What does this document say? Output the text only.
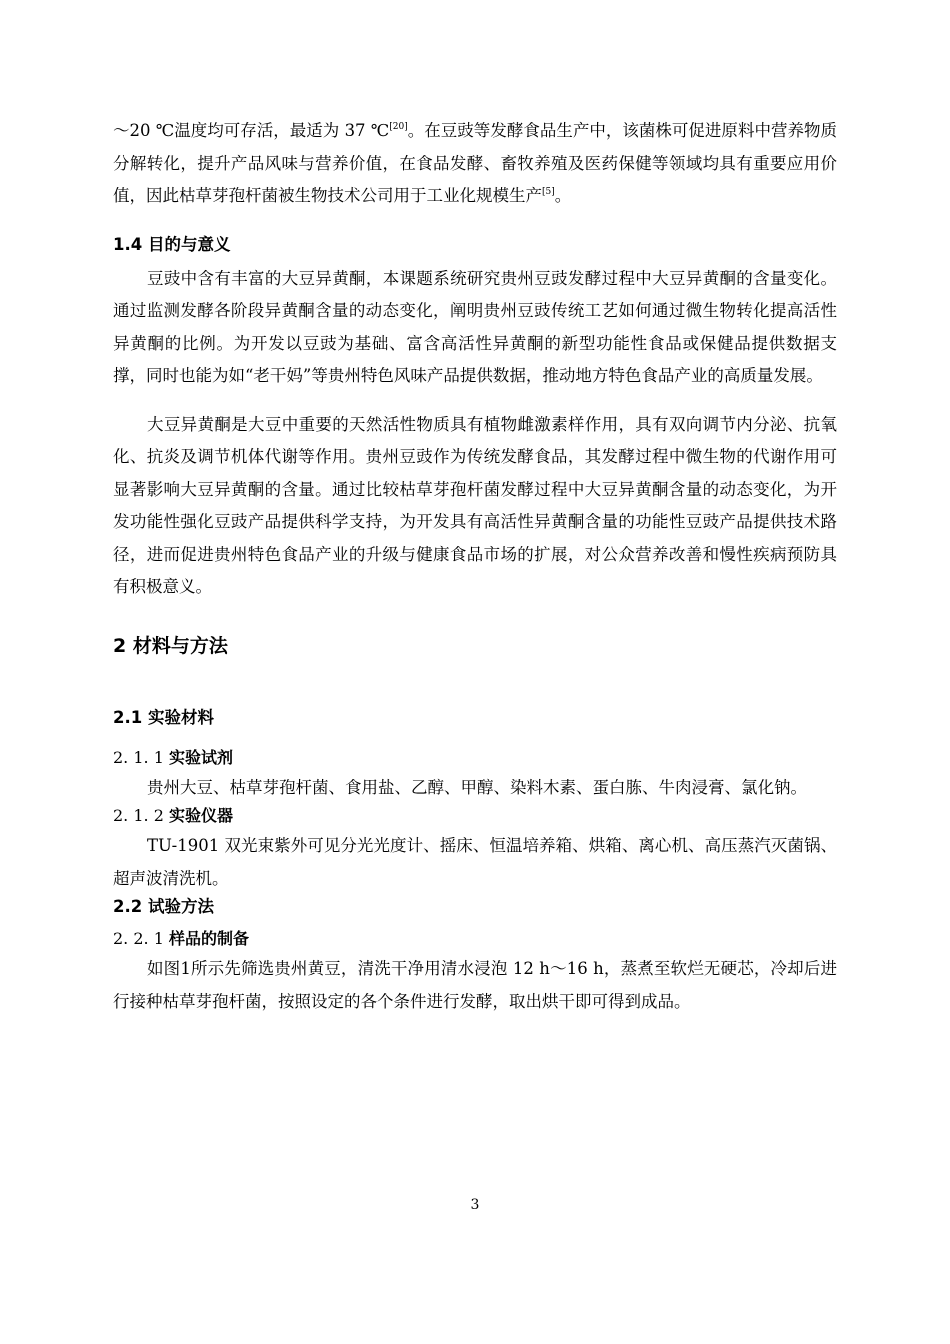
～20 ℃温度均可存活，最适为 37 ℃[20]。在豆豉等发酵食品生产中，该菌株可促进原料中营养物质分解转化，提升产品风味与营养价值，在食品发酵、畜牧养殖及医药保健等领域均具有重要应用价值，因此枯草芽孢杆菌被生物技术公司用于工业化规模生产[5]。

1.4 目的与意义

豆豉中含有丰富的大豆异黄酮，本课题系统研究贵州豆豉发酵过程中大豆异黄酮的含量变化。通过监测发酵各阶段异黄酮含量的动态变化，阐明贵州豆豉传统工艺如何通过微生物转化提高活性异黄酮的比例。为开发以豆豉为基础、富含高活性异黄酮的新型功能性食品或保健品提供数据支撑，同时也能为如“老干妈”等贵州特色风味产品提供数据，推动地方特色食品产业的高质量发展。

大豆异黄酮是大豆中重要的天然活性物质具有植物雌激素样作用，具有双向调节内分泌、抗氧化、抗炎及调节机体代谢等作用。贵州豆豉作为传统发酵食品，其发酵过程中微生物的代谢作用可显著影响大豆异黄酮的含量。通过比较枯草芽孢杆菌发酵过程中大豆异黄酮含量的动态变化，为开发功能性强化豆豉产品提供科学支持，为开发具有高活性异黄酮含量的功能性豆豉产品提供技术路径，进而促进贵州特色食品产业的升级与健康食品市场的扩展，对公众营养改善和慢性疾病预防具有积极意义。

2 材料与方法
2.1 实验材料
2. 1. 1 实验试剂

贵州大豆、枯草芽孢杆菌、食用盐、乙醇、甲醇、染料木素、蛋白胨、牛肉浸膏、氯化钠。

2. 1. 2 实验仪器

TU-1901 双光束紫外可见分光光度计、摇床、恒温培养箱、烘箱、离心机、高压蒸汽灭菌锅、超声波清洗机。

2.2 试验方法
2. 2. 1 样品的制备

如图1所示先筛选贵州黄豆，清洗干净用清水浸泡 12 h～16 h，蒸煮至软烂无硬芯，冷却后进行接种枯草芽孢杆菌，按照设定的各个条件进行发酵，取出烘干即可得到成品。

3
